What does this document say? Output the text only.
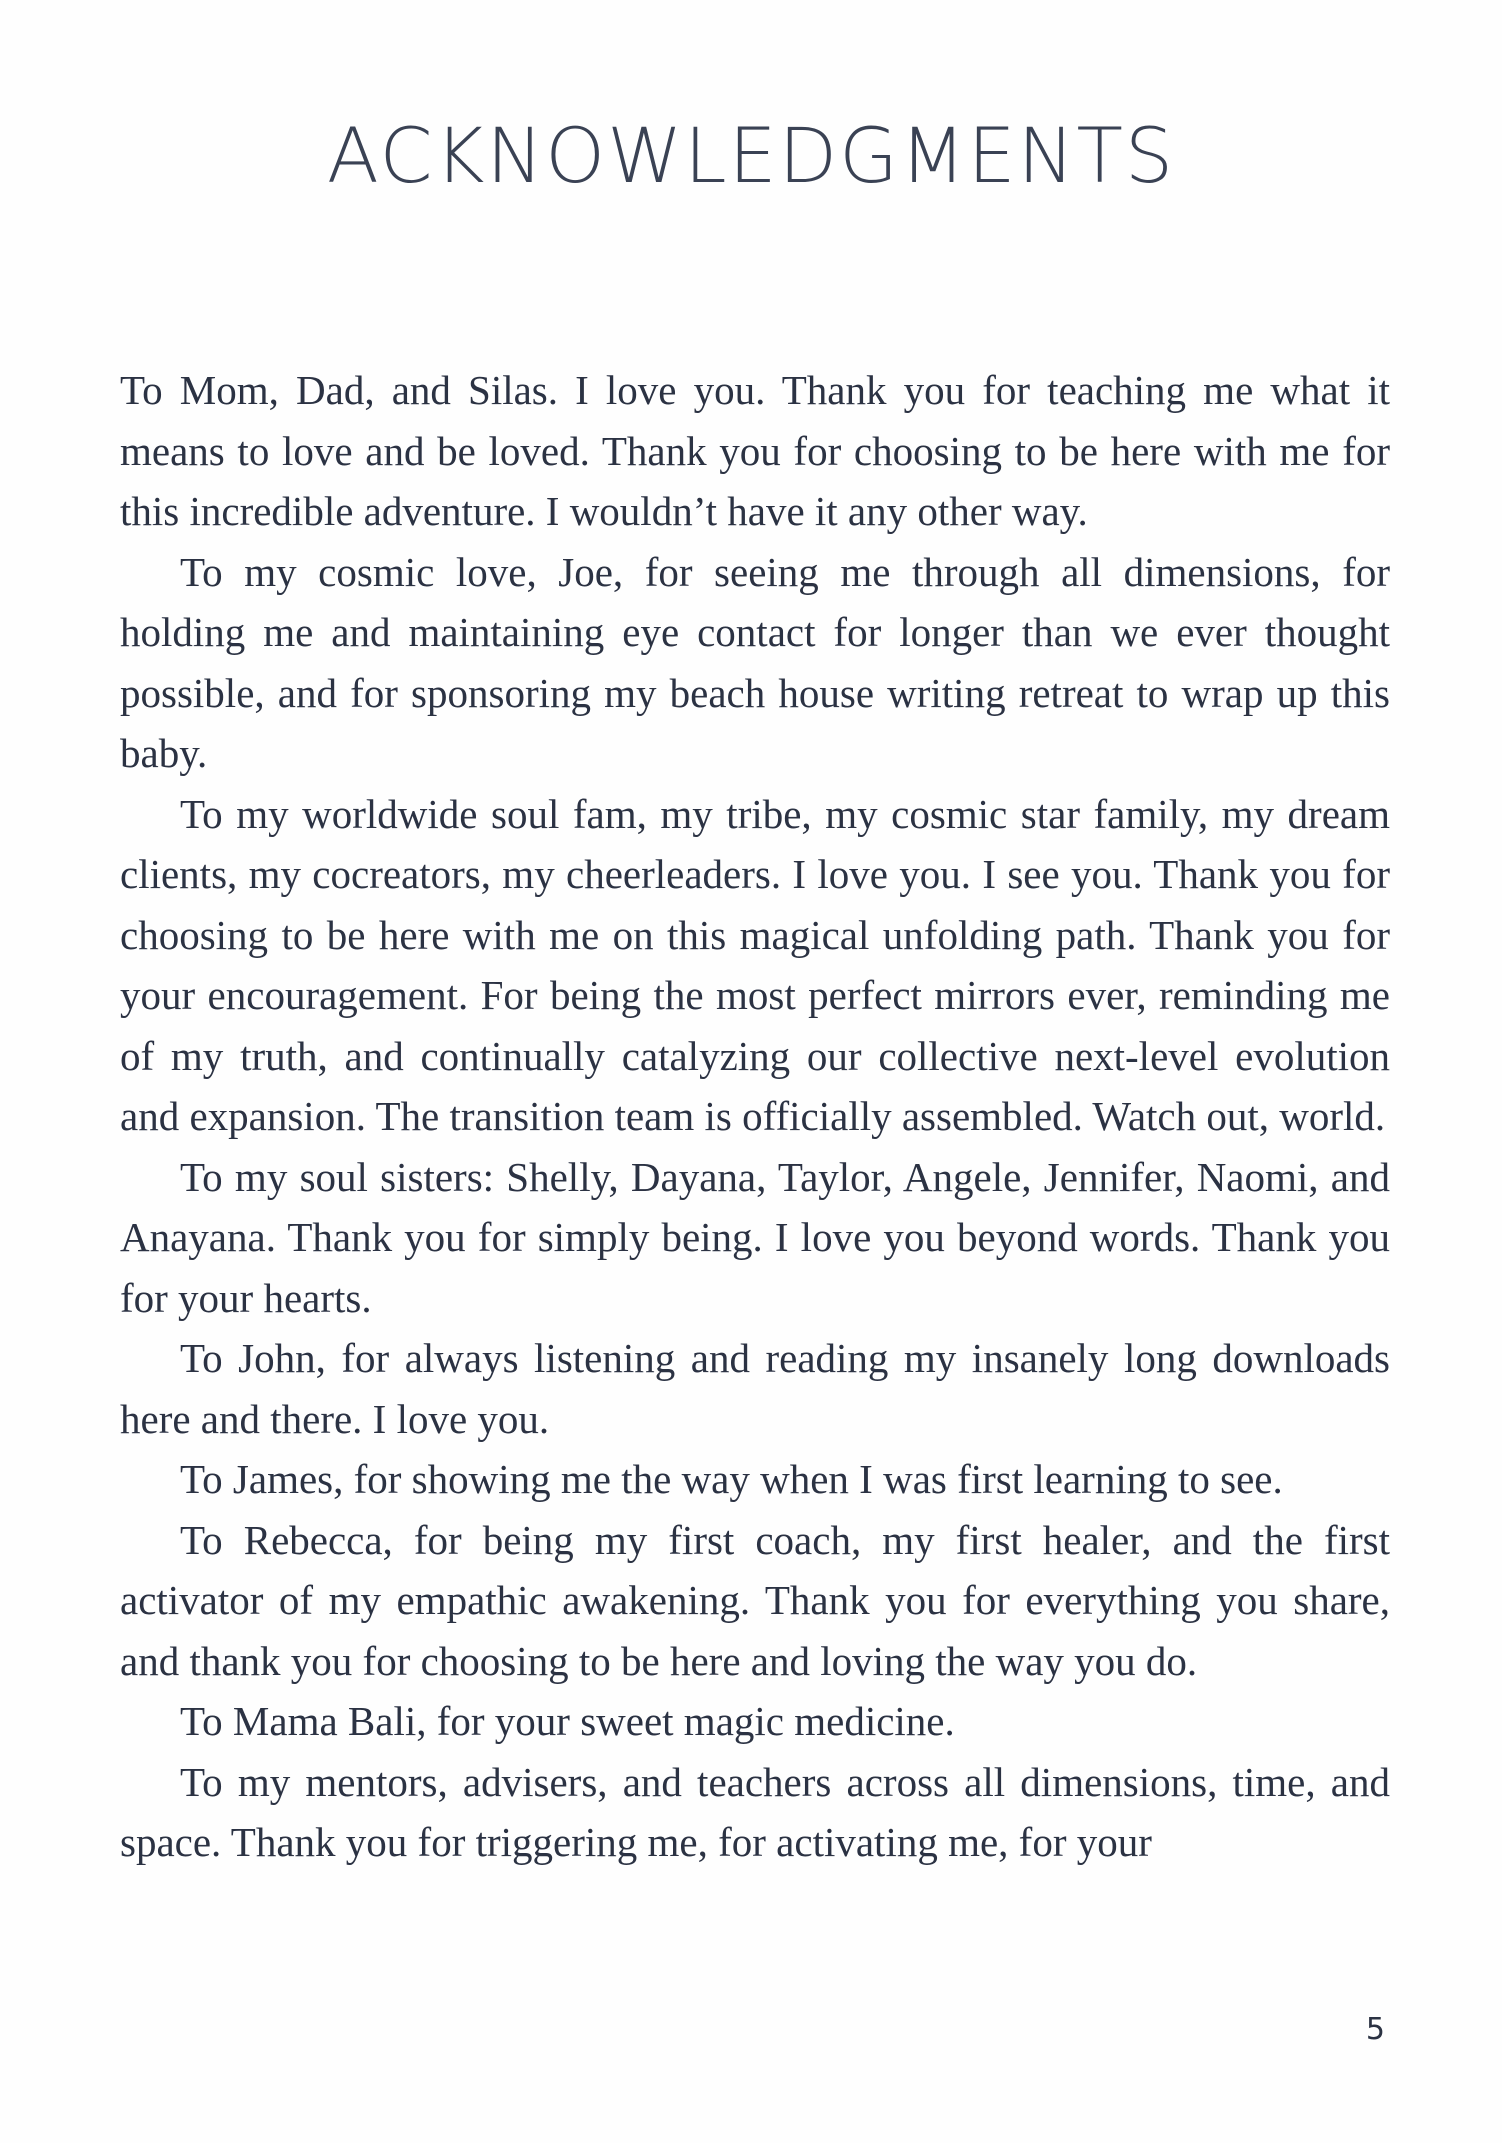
ACKNOWLEDGMENTS

To Mom, Dad, and Silas. I love you. Thank you for teaching me what it means to love and be loved. Thank you for choosing to be here with me for this incredible adventure. I wouldn’t have it any other way.

To my cosmic love, Joe, for seeing me through all dimensions, for holding me and maintaining eye contact for longer than we ever thought possible, and for sponsoring my beach house writing retreat to wrap up this baby.

To my worldwide soul fam, my tribe, my cosmic star family, my dream clients, my cocreators, my cheerleaders. I love you. I see you. Thank you for choosing to be here with me on this magical unfolding path. Thank you for your encouragement. For being the most perfect mirrors ever, reminding me of my truth, and continually catalyzing our collective next-level evolution and expansion. The transition team is officially assembled. Watch out, world.

To my soul sisters: Shelly, Dayana, Taylor, Angele, Jennifer, Naomi, and Anayana. Thank you for simply being. I love you beyond words. Thank you for your hearts.

To John, for always listening and reading my insanely long downloads here and there. I love you.

To James, for showing me the way when I was first learning to see.

To Rebecca, for being my first coach, my first healer, and the first activator of my empathic awakening. Thank you for everything you share, and thank you for choosing to be here and loving the way you do.

To Mama Bali, for your sweet magic medicine.

To my mentors, advisers, and teachers across all dimensions, time, and space. Thank you for triggering me, for activating me, for your

5
